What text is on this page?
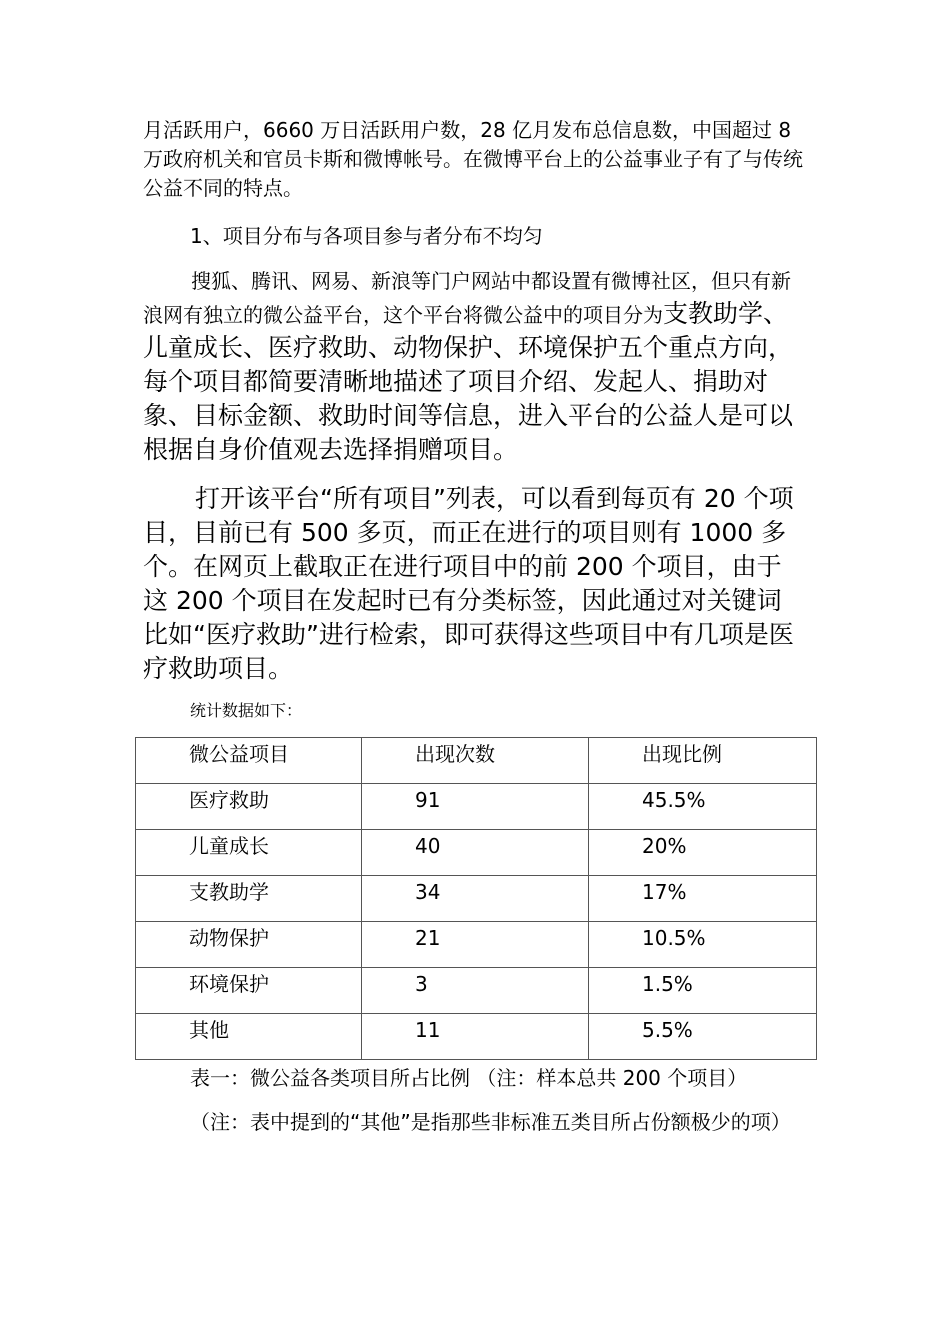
月活跃用户，6660 万日活跃用户数，28 亿月发布总信息数，中国超过 8 万政府机关和官员卡斯和微博帐号。在微博平台上的公益事业子有了与传统公益不同的特点。

1、项目分布与各项目参与者分布不均匀

搜狐、腾讯、网易、新浪等门户网站中都设置有微博社区，但只有新浪网有独立的微公益平台，这个平台将微公益中的项目分为支教助学、儿童成长、医疗救助、动物保护、环境保护五个重点方向，每个项目都简要清晰地描述了项目介绍、发起人、捐助对象、目标金额、救助时间等信息，进入平台的公益人是可以根据自身价值观去选择捐赠项目。

打开该平台“所有项目”列表，可以看到每页有 20 个项目，目前已有 500 多页，而正在进行的项目则有 1000 多个。在网页上截取正在进行项目中的前 200 个项目，由于这 200 个项目在发起时已有分类标签，因此通过对关键词比如“医疗救助”进行检索，即可获得这些项目中有几项是医疗救助项目。

统计数据如下：

微公益项目	出现次数	出现比例
医疗救助	91	45.5%
儿童成长	40	20%
支教助学	34	17%
动物保护	21	10.5%
环境保护	3	1.5%
其他	11	5.5%

表一：微公益各类项目所占比例 （注：样本总共 200 个项目）

（注：表中提到的“其他”是指那些非标准五类目所占份额极少的项）
